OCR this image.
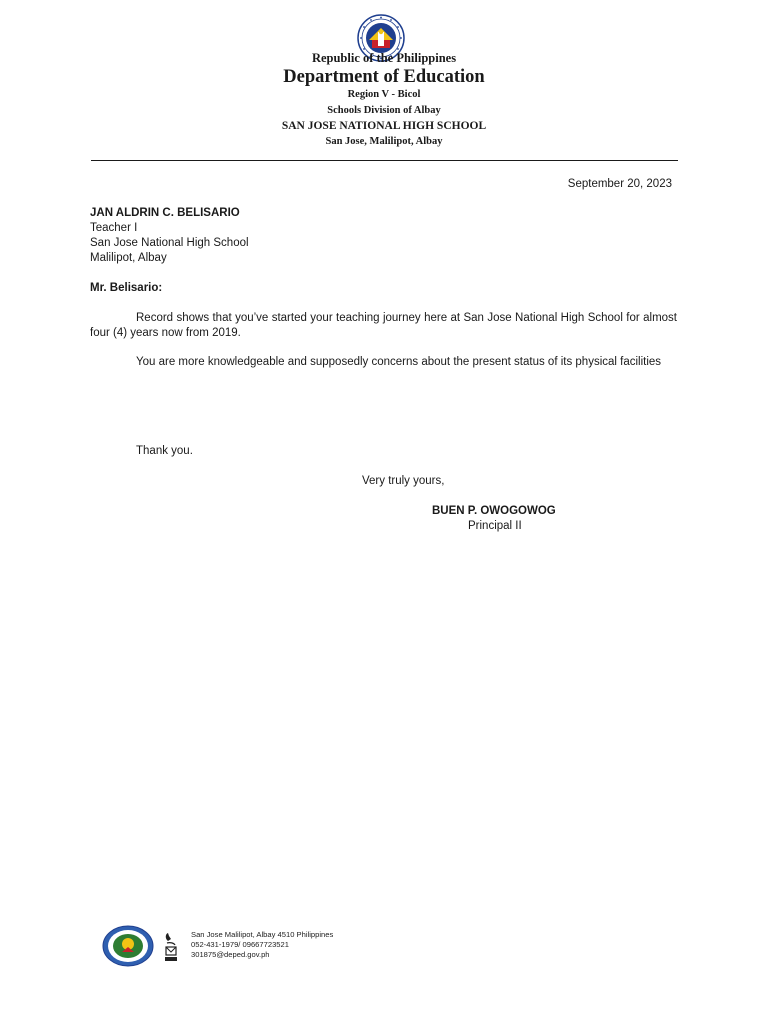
Republic of the Philippines
Department of Education
Region V - Bicol
Schools Division of Albay
SAN JOSE NATIONAL HIGH SCHOOL
San Jose, Malilipot, Albay
September 20, 2023
JAN ALDRIN C. BELISARIO
Teacher I
San Jose National High School
Malilipot, Albay
Mr. Belisario:
Record shows that you’ve started your teaching journey here at San Jose National High School for almost four (4) years now from 2019.
You are more knowledgeable and supposedly concerns about the present status of its physical facilities
Thank you.
Very truly yours,
BUEN P. OWOGOWOG
Principal II
San Jose Malilipot, Albay 4510 Philippines
052-431-1979/ 09667723521
301875@deped.gov.ph
